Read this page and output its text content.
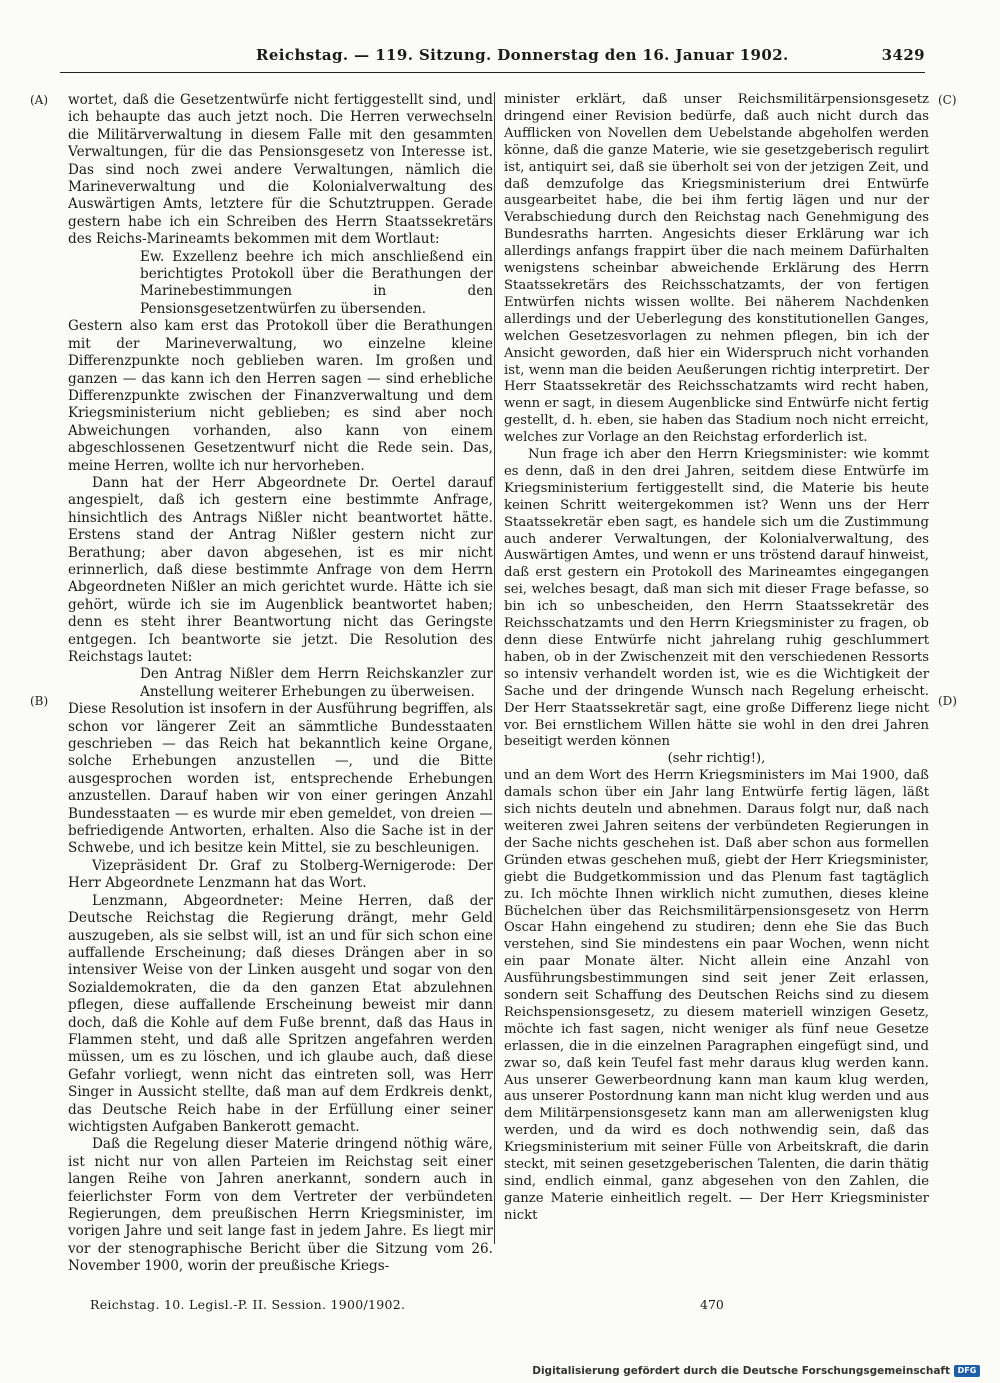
Reichstag. — 119. Sitzung. Donnerstag den 16. Januar 1902.	3429
(A)
(B)
(C)
(D)

wortet, daß die Gesetzentwürfe nicht fertiggestellt sind, und ich behaupte das auch jetzt noch. Die Herren verwechseln die Militärverwaltung in diesem Falle mit den gesammten Verwaltungen, für die das Pensionsgesetz von Interesse ist. Das sind noch zwei andere Verwaltungen, nämlich die Marineverwaltung und die Kolonialverwaltung des Auswärtigen Amts, letztere für die Schutztruppen. Gerade gestern habe ich ein Schreiben des Herrn Staatssekretärs des Reichs-Marineamts bekommen mit dem Wortlaut:

Ew. Exzellenz beehre ich mich anschließend ein berichtigtes Protokoll über die Berathungen der Marinebestimmungen in den Pensionsgesetzentwürfen zu übersenden.

Gestern also kam erst das Protokoll über die Berathungen mit der Marineverwaltung, wo einzelne kleine Differenzpunkte noch geblieben waren. Im großen und ganzen — das kann ich den Herren sagen — sind erhebliche Differenzpunkte zwischen der Finanzverwaltung und dem Kriegsministerium nicht geblieben; es sind aber noch Abweichungen vorhanden, also kann von einem abgeschlossenen Gesetzentwurf nicht die Rede sein. Das, meine Herren, wollte ich nur hervorheben.

Dann hat der Herr Abgeordnete Dr. Oertel darauf angespielt, daß ich gestern eine bestimmte Anfrage, hinsichtlich des Antrags Nißler nicht beantwortet hätte. Erstens stand der Antrag Nißler gestern nicht zur Berathung; aber davon abgesehen, ist es mir nicht erinnerlich, daß diese bestimmte Anfrage von dem Herrn Abgeordneten Nißler an mich gerichtet wurde. Hätte ich sie gehört, würde ich sie im Augenblick beantwortet haben; denn es steht ihrer Beantwortung nicht das Geringste entgegen. Ich beantworte sie jetzt. Die Resolution des Reichstags lautet:

Den Antrag Nißler dem Herrn Reichskanzler zur Anstellung weiterer Erhebungen zu überweisen.

Diese Resolution ist insofern in der Ausführung begriffen, als schon vor längerer Zeit an sämmtliche Bundesstaaten geschrieben — das Reich hat bekanntlich keine Organe, solche Erhebungen anzustellen —, und die Bitte ausgesprochen worden ist, entsprechende Erhebungen anzustellen. Darauf haben wir von einer geringen Anzahl Bundesstaaten — es wurde mir eben gemeldet, von dreien — befriedigende Antworten, erhalten. Also die Sache ist in der Schwebe, und ich besitze kein Mittel, sie zu beschleunigen.

Vizepräsident Dr. Graf zu Stolberg-Wernigerode: Der Herr Abgeordnete Lenzmann hat das Wort.

Lenzmann, Abgeordneter: Meine Herren, daß der Deutsche Reichstag die Regierung drängt, mehr Geld auszugeben, als sie selbst will, ist an und für sich schon eine auffallende Erscheinung; daß dieses Drängen aber in so intensiver Weise von der Linken ausgeht und sogar von den Sozialdemokraten, die da den ganzen Etat abzulehnen pflegen, diese auffallende Erscheinung beweist mir dann doch, daß die Kohle auf dem Fuße brennt, daß das Haus in Flammen steht, und daß alle Spritzen angefahren werden müssen, um es zu löschen, und ich glaube auch, daß diese Gefahr vorliegt, wenn nicht das eintreten soll, was Herr Singer in Aussicht stellte, daß man auf dem Erdkreis denkt, das Deutsche Reich habe in der Erfüllung einer seiner wichtigsten Aufgaben Bankerott gemacht.

Daß die Regelung dieser Materie dringend nöthig wäre, ist nicht nur von allen Parteien im Reichstag seit einer langen Reihe von Jahren anerkannt, sondern auch in feierlichster Form von dem Vertreter der verbündeten Regierungen, dem preußischen Herrn Kriegsminister, im vorigen Jahre und seit lange fast in jedem Jahre. Es liegt mir vor der stenographische Bericht über die Sitzung vom 26. November 1900, worin der preußische Kriegs-

minister erklärt, daß unser Reichsmilitärpensionsgesetz dringend einer Revision bedürfe, daß auch nicht durch das Aufflicken von Novellen dem Uebelstande abgeholfen werden könne, daß die ganze Materie, wie sie gesetzgeberisch regulirt ist, antiquirt sei, daß sie überholt sei von der jetzigen Zeit, und daß demzufolge das Kriegsministerium drei Entwürfe ausgearbeitet habe, die bei ihm fertig lägen und nur der Verabschiedung durch den Reichstag nach Genehmigung des Bundesraths harrten. Angesichts dieser Erklärung war ich allerdings anfangs frappirt über die nach meinem Dafürhalten wenigstens scheinbar abweichende Erklärung des Herrn Staatssekretärs des Reichsschatzamts, der von fertigen Entwürfen nichts wissen wollte. Bei näherem Nachdenken allerdings und der Ueberlegung des konstitutionellen Ganges, welchen Gesetzesvorlagen zu nehmen pflegen, bin ich der Ansicht geworden, daß hier ein Widerspruch nicht vorhanden ist, wenn man die beiden Aeußerungen richtig interpretirt. Der Herr Staatssekretär des Reichsschatzamts wird recht haben, wenn er sagt, in diesem Augenblicke sind Entwürfe nicht fertig gestellt, d. h. eben, sie haben das Stadium noch nicht erreicht, welches zur Vorlage an den Reichstag erforderlich ist.

Nun frage ich aber den Herrn Kriegsminister: wie kommt es denn, daß in den drei Jahren, seitdem diese Entwürfe im Kriegsministerium fertiggestellt sind, die Materie bis heute keinen Schritt weitergekommen ist? Wenn uns der Herr Staatssekretär eben sagt, es handele sich um die Zustimmung auch anderer Verwaltungen, der Kolonialverwaltung, des Auswärtigen Amtes, und wenn er uns tröstend darauf hinweist, daß erst gestern ein Protokoll des Marineamtes eingegangen sei, welches besagt, daß man sich mit dieser Frage befasse, so bin ich so unbescheiden, den Herrn Staatssekretär des Reichsschatzamts und den Herrn Kriegsminister zu fragen, ob denn diese Entwürfe nicht jahrelang ruhig geschlummert haben, ob in der Zwischenzeit mit den verschiedenen Ressorts so intensiv verhandelt worden ist, wie es die Wichtigkeit der Sache und der dringende Wunsch nach Regelung erheischt. Der Herr Staatssekretär sagt, eine große Differenz liege nicht vor. Bei ernstlichem Willen hätte sie wohl in den drei Jahren beseitigt werden können

(sehr richtig!),

und an dem Wort des Herrn Kriegsministers im Mai 1900, daß damals schon über ein Jahr lang Entwürfe fertig lägen, läßt sich nichts deuteln und abnehmen. Daraus folgt nur, daß nach weiteren zwei Jahren seitens der verbündeten Regierungen in der Sache nichts geschehen ist. Daß aber schon aus formellen Gründen etwas geschehen muß, giebt der Herr Kriegsminister, giebt die Budgetkommission und das Plenum fast tagtäglich zu. Ich möchte Ihnen wirklich nicht zumuthen, dieses kleine Büchelchen über das Reichsmilitärpensionsgesetz von Herrn Oscar Hahn eingehend zu studiren; denn ehe Sie das Buch verstehen, sind Sie mindestens ein paar Wochen, wenn nicht ein paar Monate älter. Nicht allein eine Anzahl von Ausführungsbestimmungen sind seit jener Zeit erlassen, sondern seit Schaffung des Deutschen Reichs sind zu diesem Reichspensionsgesetz, zu diesem materiell winzigen Gesetz, möchte ich fast sagen, nicht weniger als fünf neue Gesetze erlassen, die in die einzelnen Paragraphen eingefügt sind, und zwar so, daß kein Teufel fast mehr daraus klug werden kann. Aus unserer Gewerbeordnung kann man kaum klug werden, aus unserer Postordnung kann man nicht klug werden und aus dem Militärpensionsgesetz kann man am allerwenigsten klug werden, und da wird es doch nothwendig sein, daß das Kriegsministerium mit seiner Fülle von Arbeitskraft, die darin steckt, mit seinen gesetzgeberischen Talenten, die darin thätig sind, endlich einmal, ganz abgesehen von den Zahlen, die ganze Materie einheitlich regelt. — Der Herr Kriegsminister nickt

Reichstag. 10. Legisl.-P. II. Session. 1900/1902.	470
Digitalisierung gefördert durch die Deutsche Forschungsgemeinschaft DFG
